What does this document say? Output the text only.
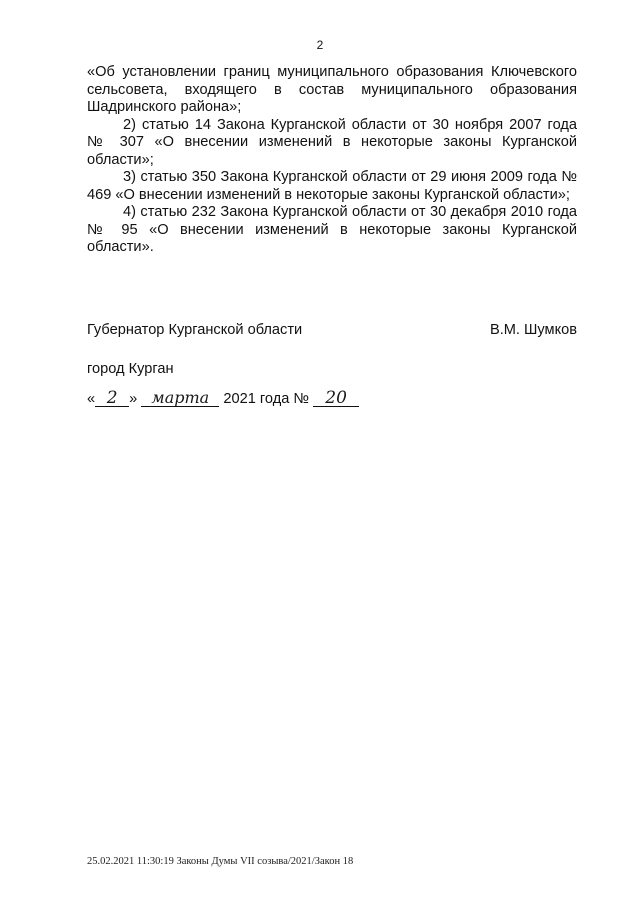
2

«Об установлении границ муниципального образования Ключевского сельсовета, входящего в состав муниципального образования Шадринского района»;

2) статью 14 Закона Курганской области от 30 ноября 2007 года № 307 «О внесении изменений в некоторые законы Курганской области»;

3) статью 350 Закона Курганской области от 29 июня 2009 года № 469 «О внесении изменений в некоторые законы Курганской области»;

4) статью 232 Закона Курганской области от 30 декабря 2010 года № 95 «О внесении изменений в некоторые законы Курганской области».

Губернатор Курганской области	В.М. Шумков
город Курган
« 2 » марта 2021 года № 20
25.02.2021 11:30:19 Законы Думы VII созыва/2021/Закон 18
